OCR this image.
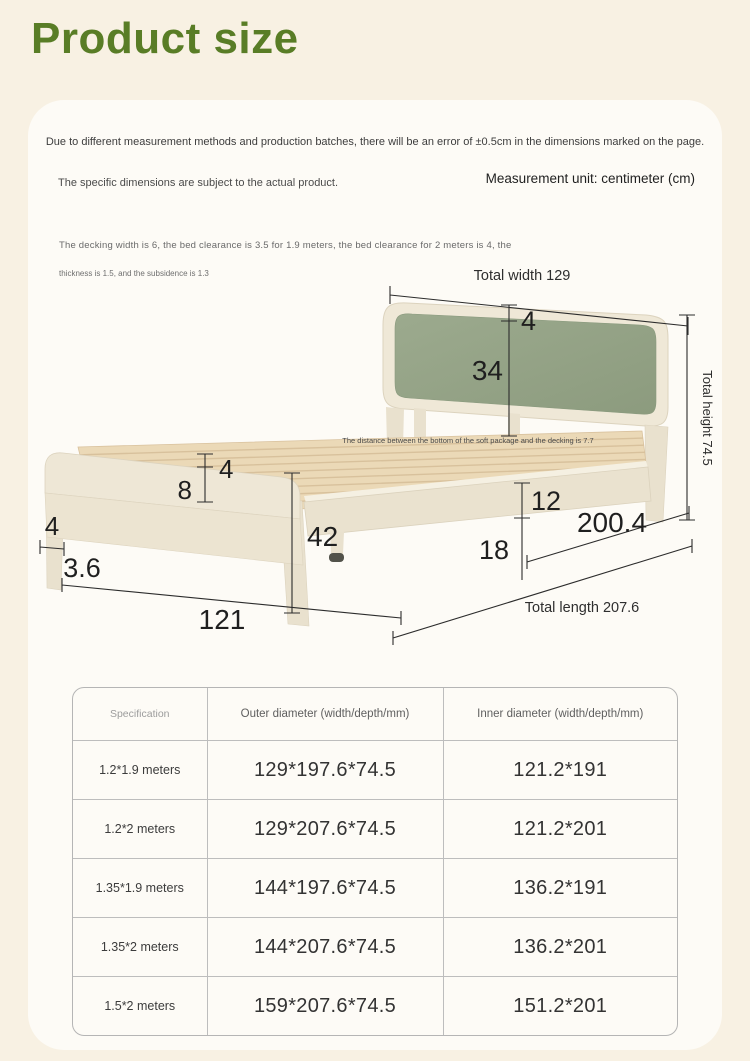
Product size

Due to different measurement methods and production batches, there will be an error of ±0.5cm in the dimensions marked on the page.

The specific dimensions are subject to the actual product.	Measurement unit: centimeter (cm)

The decking width is 6, the bed clearance is 3.5 for 1.9 meters, the bed clearance for 2 meters is 4, the

thickness is 1.5, and the subsidence is 1.3	Total width 129
4
34	Total height 74.5
The distance between the bottom of the soft package and the decking is 7.7
4
8
42
12
18
200.4
Total length 207.6
121
4
3.6
Specification	Outer diameter (width/depth/mm)	Inner diameter (width/depth/mm)
1.2*1.9 meters	129*197.6*74.5	121.2*191
1.2*2 meters	129*207.6*74.5	121.2*201
1.35*1.9 meters	144*197.6*74.5	136.2*191
1.35*2 meters	144*207.6*74.5	136.2*201
1.5*2 meters	159*207.6*74.5	151.2*201
